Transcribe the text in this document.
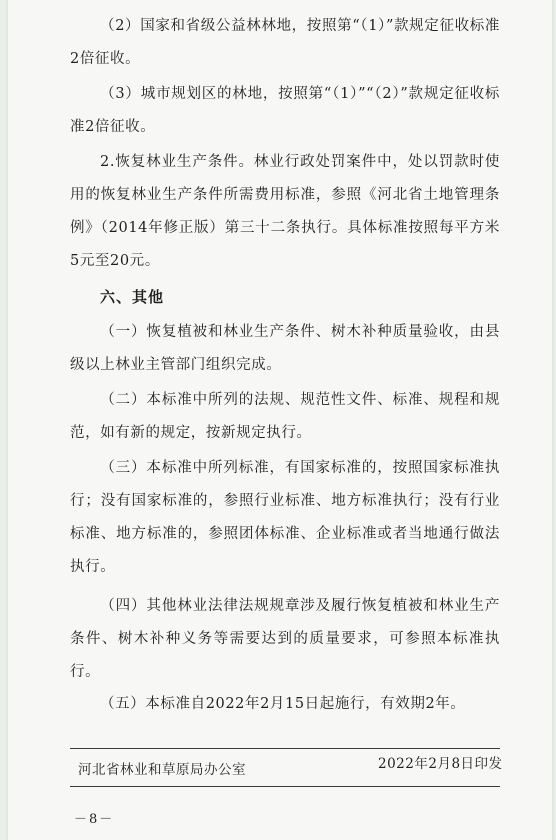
（2）国家和省级公益林林地，按照第“（1）”款规定征收标准2倍征收。

（3）城市规划区的林地，按照第“（1）”“（2）”款规定征收标准2倍征收。

2.恢复林业生产条件。林业行政处罚案件中，处以罚款时使用的恢复林业生产条件所需费用标准，参照《河北省土地管理条例》（2014年修正版）第三十二条执行。具体标准按照每平方米5元至20元。

六、其他

（一）恢复植被和林业生产条件、树木补种质量验收，由县级以上林业主管部门组织完成。

（二）本标准中所列的法规、规范性文件、标准、规程和规范，如有新的规定，按新规定执行。

（三）本标准中所列标准，有国家标准的，按照国家标准执行；没有国家标准的，参照行业标准、地方标准执行；没有行业标准、地方标准的，参照团体标准、企业标准或者当地通行做法执行。

（四）其他林业法律法规规章涉及履行恢复植被和林业生产条件、树木补种义务等需要达到的质量要求，可参照本标准执行。

（五）本标准自2022年2月15日起施行，有效期2年。

河北省林业和草原局办公室	2022年2月8日印发
－8－
